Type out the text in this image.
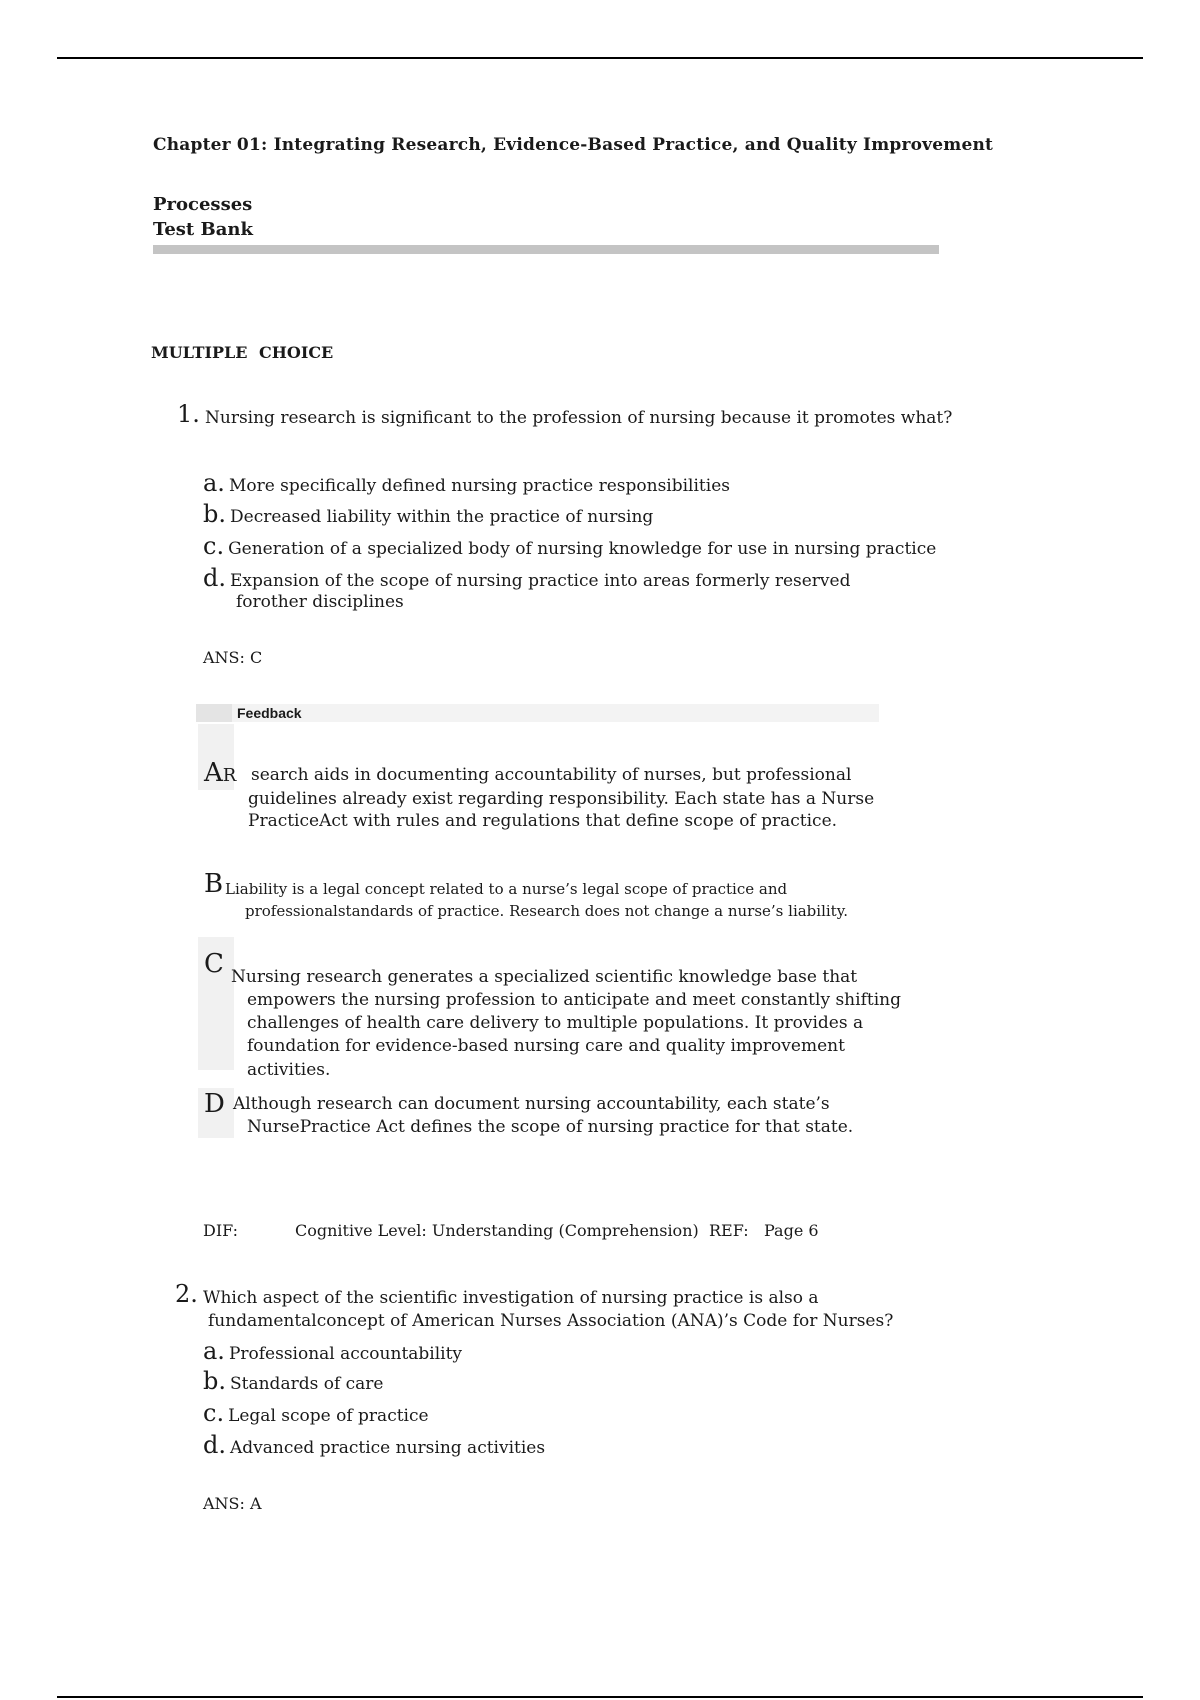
Chapter 01: Integrating Research, Evidence-Based Practice, and Quality Improvement
Processes
Test Bank
MULTIPLE CHOICE
1. Nursing research is significant to the profession of nursing because it promotes what?
a. More specifically defined nursing practice responsibilities
b. Decreased liability within the practice of nursing
c. Generation of a specialized body of nursing knowledge for use in nursing practice
d. Expansion of the scope of nursing practice into areas formerly reserved
forother disciplines
ANS: C
Feedback
AR search aids in documenting accountability of nurses, but professional
guidelines already exist regarding responsibility. Each state has a Nurse
PracticeAct with rules and regulations that define scope of practice.
B Liability is a legal concept related to a nurse’s legal scope of practice and
professionalstandards of practice. Research does not change a nurse’s liability.
C Nursing research generates a specialized scientific knowledge base that
empowers the nursing profession to anticipate and meet constantly shifting
challenges of health care delivery to multiple populations. It provides a
foundation for evidence-based nursing care and quality improvement
activities.
D Although research can document nursing accountability, each state’s
NursePractice Act defines the scope of nursing practice for that state.
DIF:	Cognitive Level: Understanding (Comprehension) REF: Page 6
2. Which aspect of the scientific investigation of nursing practice is also a
fundamentalconcept of American Nurses Association (ANA)’s Code for Nurses?
a. Professional accountability
b. Standards of care
c. Legal scope of practice
d. Advanced practice nursing activities
ANS: A
